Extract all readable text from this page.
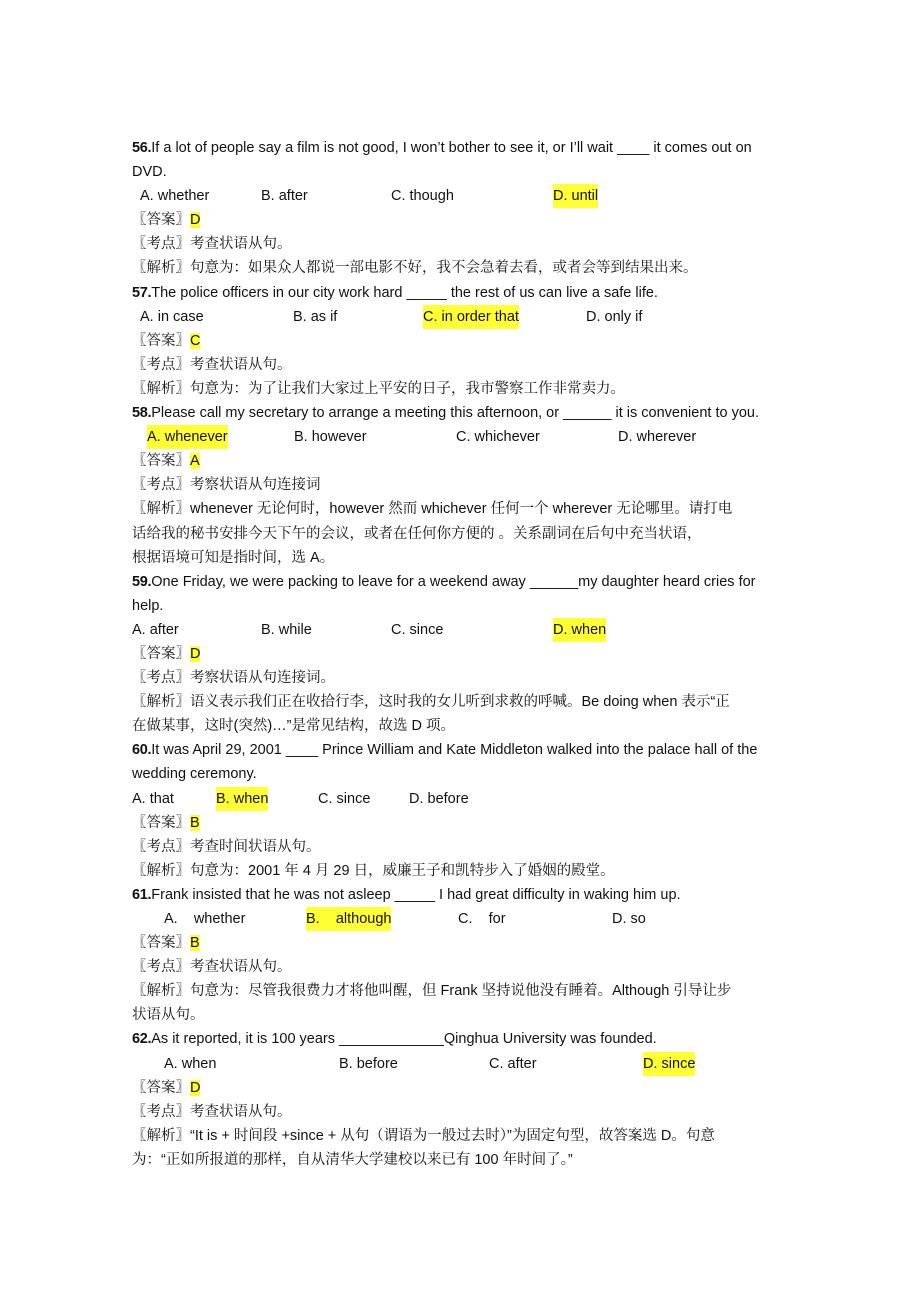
56.If a lot of people say a film is not good, I won’t bother to see it, or I’ll wait ____ it comes out on
DVD.
A. whether	B. after	C. though	D. until
〖答案〗D
〖考点〗考查状语从句。
〖解析〗句意为：如果众人都说一部电影不好，我不会急着去看，或者会等到结果出来。
57.The police officers in our city work hard _____ the rest of us can live a safe life.
A. in case	B. as if	C. in order that	D. only if
〖答案〗C
〖考点〗考查状语从句。
〖解析〗句意为：为了让我们大家过上平安的日子，我市警察工作非常卖力。
58.Please call my secretary to arrange a meeting this afternoon, or ______ it is convenient to you.
A. whenever	B. however	C. whichever	D. wherever
〖答案〗A
〖考点〗考察状语从句连接词
〖解析〗whenever 无论何时，however 然而 whichever 任何一个 wherever 无论哪里。请打电
话给我的秘书安排今天下午的会议，或者在任何你方便的 。关系副词在后句中充当状语，
根据语境可知是指时间，选 A。
59.One Friday, we were packing to leave for a weekend away ______my daughter heard cries for
help.
A. after	B. while	C. since	D. when
〖答案〗D
〖考点〗考察状语从句连接词。
〖解析〗语义表示我们正在收拾行李，这时我的女儿听到求救的呼喊。Be doing when 表示“正
在做某事，这时(突然)…”是常见结构，故选 D 项。
60.It was April 29, 2001 ____ Prince William and Kate Middleton walked into the palace hall of the
wedding ceremony.
A. that	B. when	C. since	D. before
〖答案〗B
〖考点〗考查时间状语从句。
〖解析〗句意为：2001 年 4 月 29 日，威廉王子和凯特步入了婚姻的殿堂。
61.Frank insisted that he was not asleep _____ I had great difficulty in waking him up.
A.    whether	B.    although	C.    for	D. so
〖答案〗B
〖考点〗考查状语从句。
〖解析〗句意为：尽管我很费力才将他叫醒，但 Frank 坚持说他没有睡着。Although 引导让步
状语从句。
62.As it reported, it is 100 years _____________Qinghua University was founded.
A. when	B. before	C. after	D. since
〖答案〗D
〖考点〗考查状语从句。
〖解析〗“It is + 时间段 +since + 从句（谓语为一般过去时）”为固定句型，故答案选 D。句意
为：“正如所报道的那样，自从清华大学建校以来已有 100 年时间了。”
